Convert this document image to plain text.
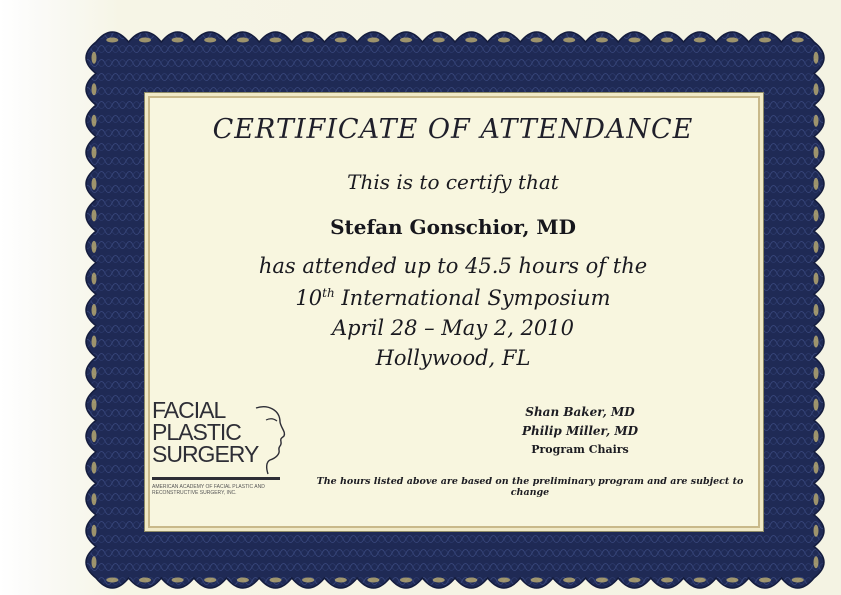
CERTIFICATE OF ATTENDANCE
This is to certify that
Stefan Gonschior, MD
has attended up to 45.5 hours of the
10th International Symposium
April 28 – May 2, 2010
Hollywood, FL
FACIAL
PLASTIC
SURGERY
AMERICAN ACADEMY OF FACIAL PLASTIC AND RECONSTRUCTIVE SURGERY, INC.
Shan Baker, MD
Philip Miller, MD
Program Chairs
The hours listed above are based on the preliminary program and are subject to change
